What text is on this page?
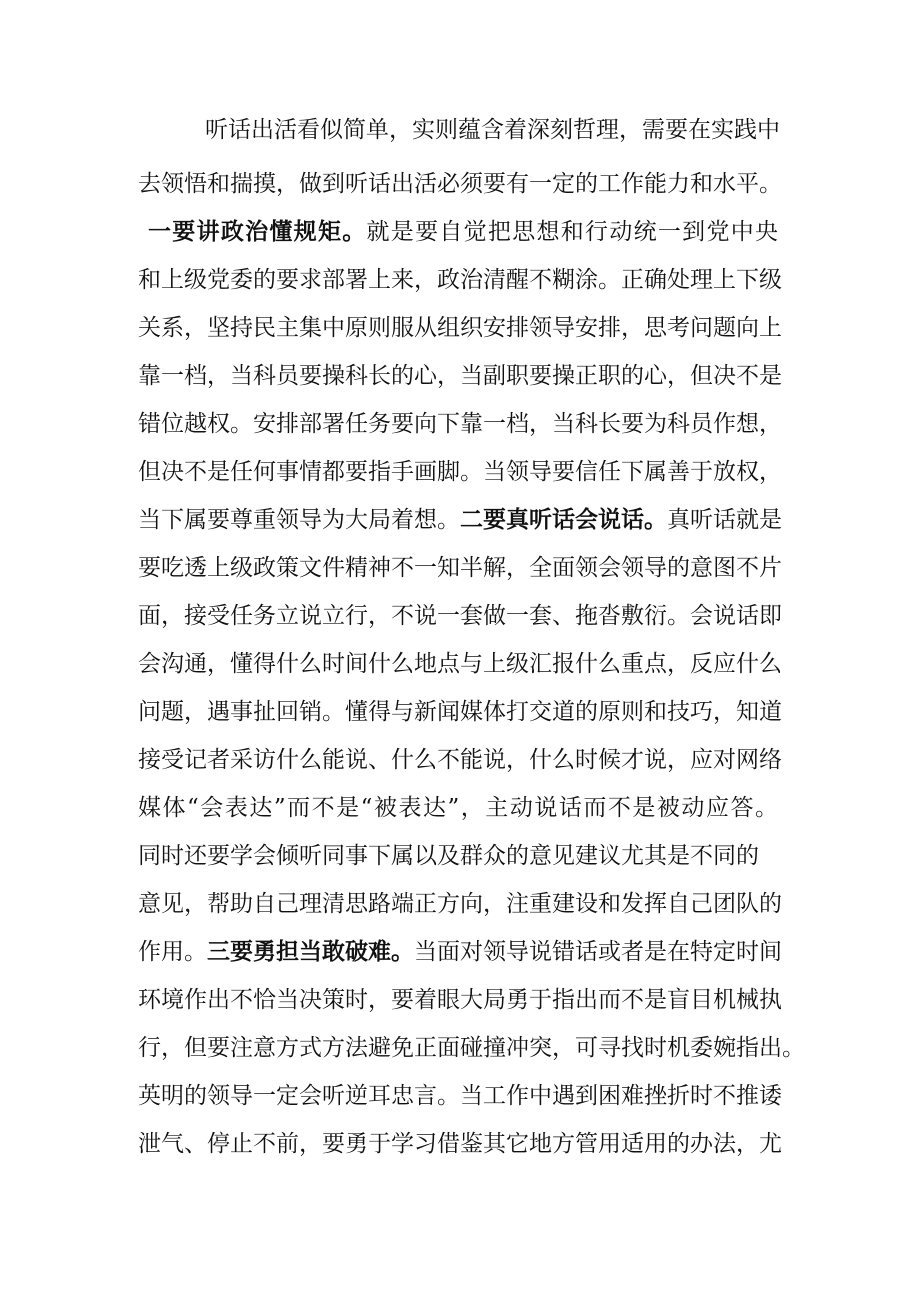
听话出活看似简单，实则蕴含着深刻哲理，需要在实践中
去领悟和揣摸，做到听话出活必须要有一定的工作能力和水平。
一要讲政治懂规矩。就是要自觉把思想和行动统一到党中央
和上级党委的要求部署上来，政治清醒不糊涂。正确处理上下级
关系，坚持民主集中原则服从组织安排领导安排，思考问题向上
靠一档，当科员要操科长的心，当副职要操正职的心，但决不是
错位越权。安排部署任务要向下靠一档，当科长要为科员作想，
但决不是任何事情都要指手画脚。当领导要信任下属善于放权，
当下属要尊重领导为大局着想。二要真听话会说话。真听话就是
要吃透上级政策文件精神不一知半解，全面领会领导的意图不片
面，接受任务立说立行，不说一套做一套、拖沓敷衍。会说话即
会沟通，懂得什么时间什么地点与上级汇报什么重点，反应什么
问题，遇事扯回销。懂得与新闻媒体打交道的原则和技巧，知道
接受记者采访什么能说、什么不能说，什么时候才说，应对网络
媒体“会表达”而不是“被表达”，主动说话而不是被动应答。
同时还要学会倾听同事下属以及群众的意见建议尤其是不同的
意见，帮助自己理清思路端正方向，注重建设和发挥自己团队的
作用。三要勇担当敢破难。当面对领导说错话或者是在特定时间
环境作出不恰当决策时，要着眼大局勇于指出而不是盲目机械执
行，但要注意方式方法避免正面碰撞冲突，可寻找时机委婉指出。
英明的领导一定会听逆耳忠言。当工作中遇到困难挫折时不推诿
泄气、停止不前，要勇于学习借鉴其它地方管用适用的办法，尤
